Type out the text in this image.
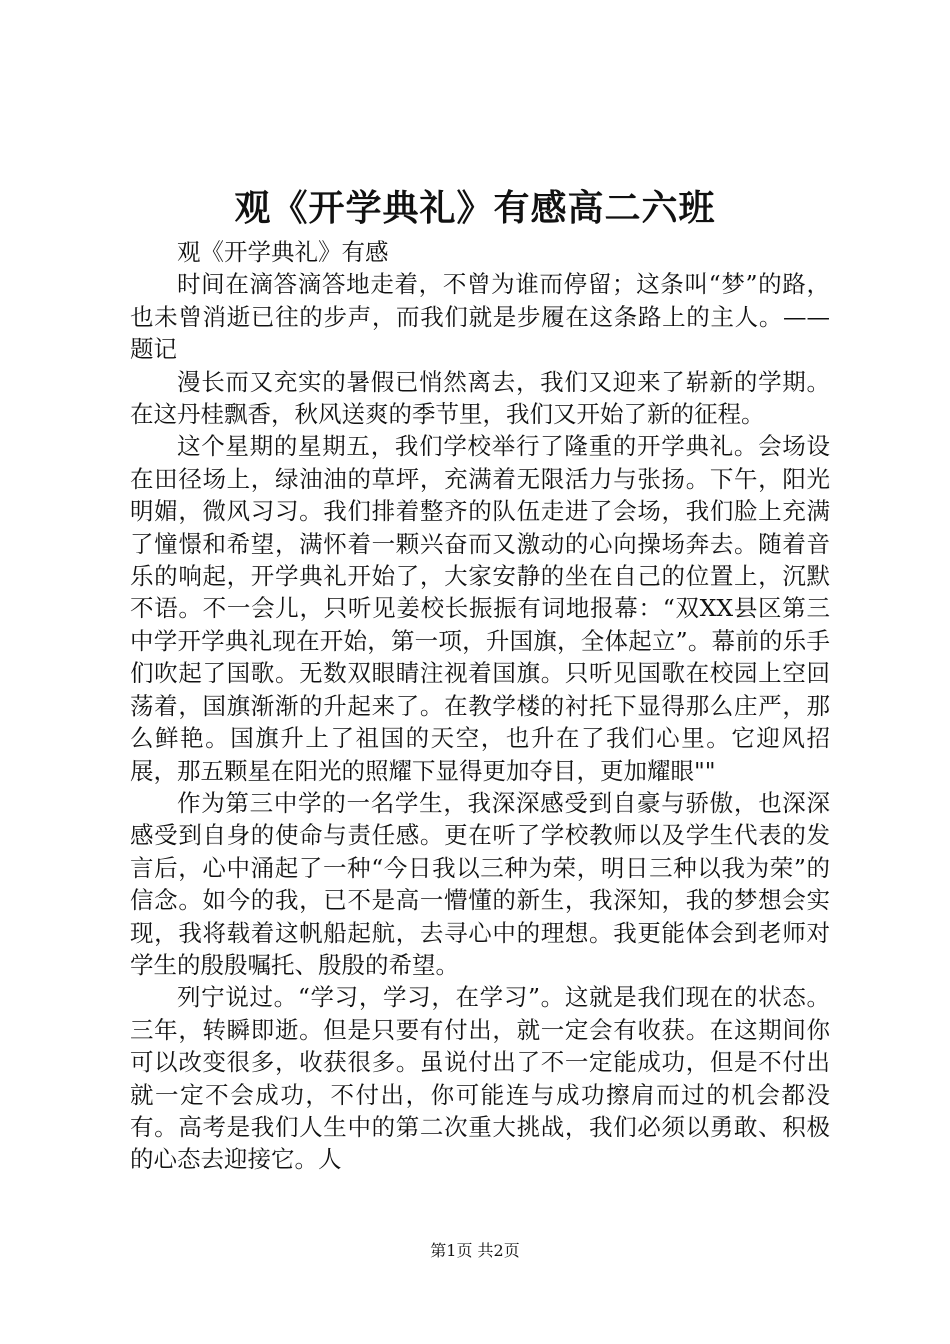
观《开学典礼》有感高二六班

观《开学典礼》有感

时间在滴答滴答地走着，不曾为谁而停留；这条叫“梦”的路，也未曾消逝已往的步声，而我们就是步履在这条路上的主人。——题记

漫长而又充实的暑假已悄然离去，我们又迎来了崭新的学期。在这丹桂飘香，秋风送爽的季节里，我们又开始了新的征程。

这个星期的星期五，我们学校举行了隆重的开学典礼。会场设在田径场上，绿油油的草坪，充满着无限活力与张扬。下午，阳光明媚，微风习习。我们排着整齐的队伍走进了会场，我们脸上充满了憧憬和希望，满怀着一颗兴奋而又激动的心向操场奔去。随着音乐的响起，开学典礼开始了，大家安静的坐在自己的位置上，沉默不语。不一会儿，只听见姜校长振振有词地报幕：“双XX县区第三中学开学典礼现在开始，第一项，升国旗，全体起立”。幕前的乐手们吹起了国歌。无数双眼睛注视着国旗。只听见国歌在校园上空回荡着，国旗渐渐的升起来了。在教学楼的衬托下显得那么庄严，那么鲜艳。国旗升上了祖国的天空，也升在了我们心里。它迎风招展，那五颗星在阳光的照耀下显得更加夺目，更加耀眼""

作为第三中学的一名学生，我深深感受到自豪与骄傲，也深深感受到自身的使命与责任感。更在听了学校教师以及学生代表的发言后，心中涌起了一种“今日我以三种为荣，明日三种以我为荣”的信念。如今的我，已不是高一懵懂的新生，我深知，我的梦想会实现，我将载着这帆船起航，去寻心中的理想。我更能体会到老师对学生的殷殷嘱托、殷殷的希望。

列宁说过。“学习，学习，在学习”。这就是我们现在的状态。三年，转瞬即逝。但是只要有付出，就一定会有收获。在这期间你可以改变很多，收获很多。虽说付出了不一定能成功，但是不付出就一定不会成功，不付出，你可能连与成功擦肩而过的机会都没有。高考是我们人生中的第二次重大挑战，我们必须以勇敢、积极的心态去迎接它。人

第1页 共2页
